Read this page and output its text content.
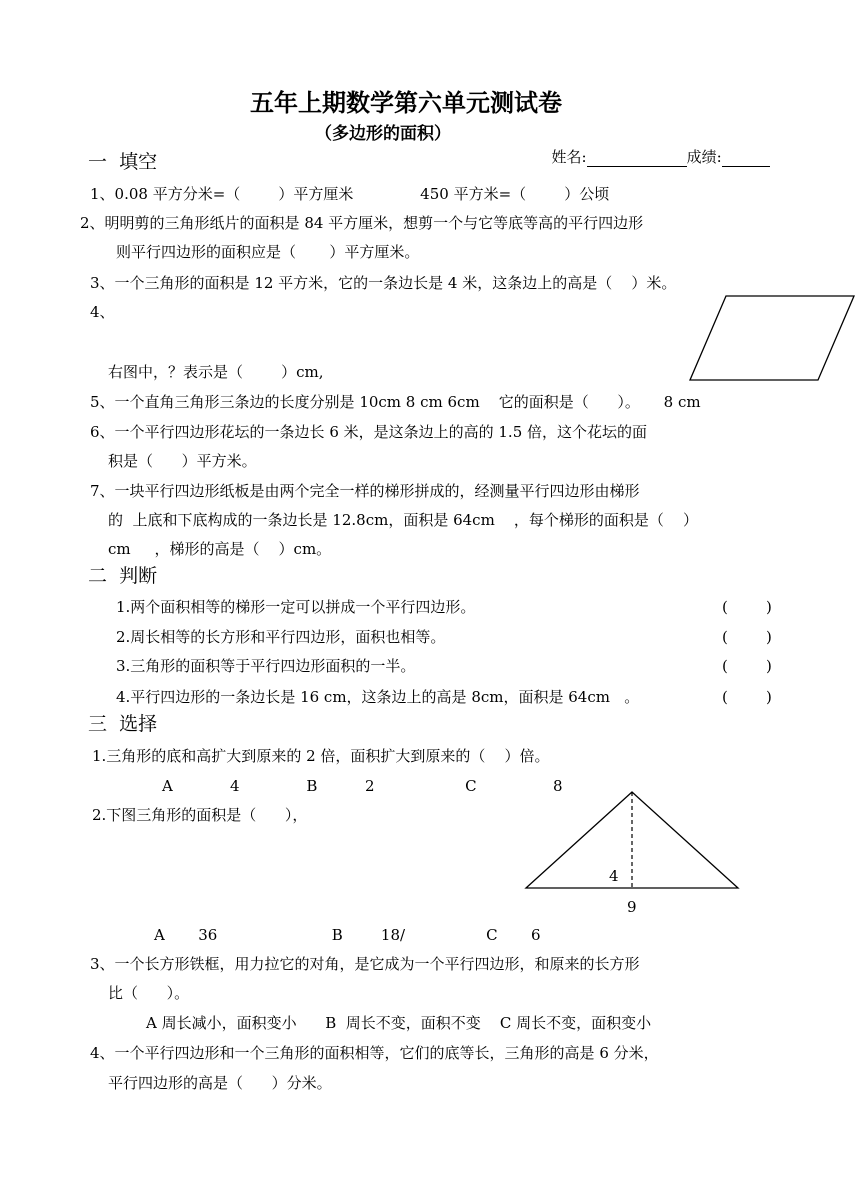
五年上期数学第六单元测试卷
（多边形的面积）

姓名:	成绩:

一  填空
1、0.08 平方分米=（        ）平方厘米              450 平方米=（        ）公顷
2、明明剪的三角形纸片的面积是 84 平方厘米，想剪一个与它等底等高的平行四边形
则平行四边形的面积应是（       ）平方厘米。
3、一个三角形的面积是 12 平方米，它的一条边长是 4 米，这条边上的高是（    ）米。
4、
右图中，？表示是（        ）cm,
5、一个直角三角形三条边的长度分别是 10cm 8 cm 6cm    它的面积是（      ）。     8 cm
6、一个平行四边形花坛的一条边长 6 米，是这条边上的高的 1.5 倍，这个花坛的面
积是（      ）平方米。
7、一块平行四边形纸板是由两个完全一样的梯形拼成的，经测量平行四边形由梯形
的  上底和下底构成的一条边长是 12.8cm，面积是 64cm    ，每个梯形的面积是（    ）
cm     ，梯形的高是（    ）cm。
二  判断
1.两个面积相等的梯形一定可以拼成一个平行四边形。	(        )
2.周长相等的长方形和平行四边形，面积也相等。	(        )
3.三角形的面积等于平行四边形面积的一半。	(        )
4.平行四边形的一条边长是 16 cm，这条边上的高是 8cm，面积是 64cm   。	(        )
三  选择
1.三角形的底和高扩大到原来的 2 倍，面积扩大到原来的（    ）倍。
A            4              B          2                   C                8
2.下图三角形的面积是（      ），
4
9
A       36                        B        18/                 C       6
3、一个长方形铁框，用力拉它的对角，是它成为一个平行四边形，和原来的长方形
比（      ）。
A 周长减小，面积变小      B  周长不变，面积不变    C 周长不变，面积变小
4、一个平行四边形和一个三角形的面积相等，它们的底等长，三角形的高是 6 分米，
平行四边形的高是（      ）分米。
